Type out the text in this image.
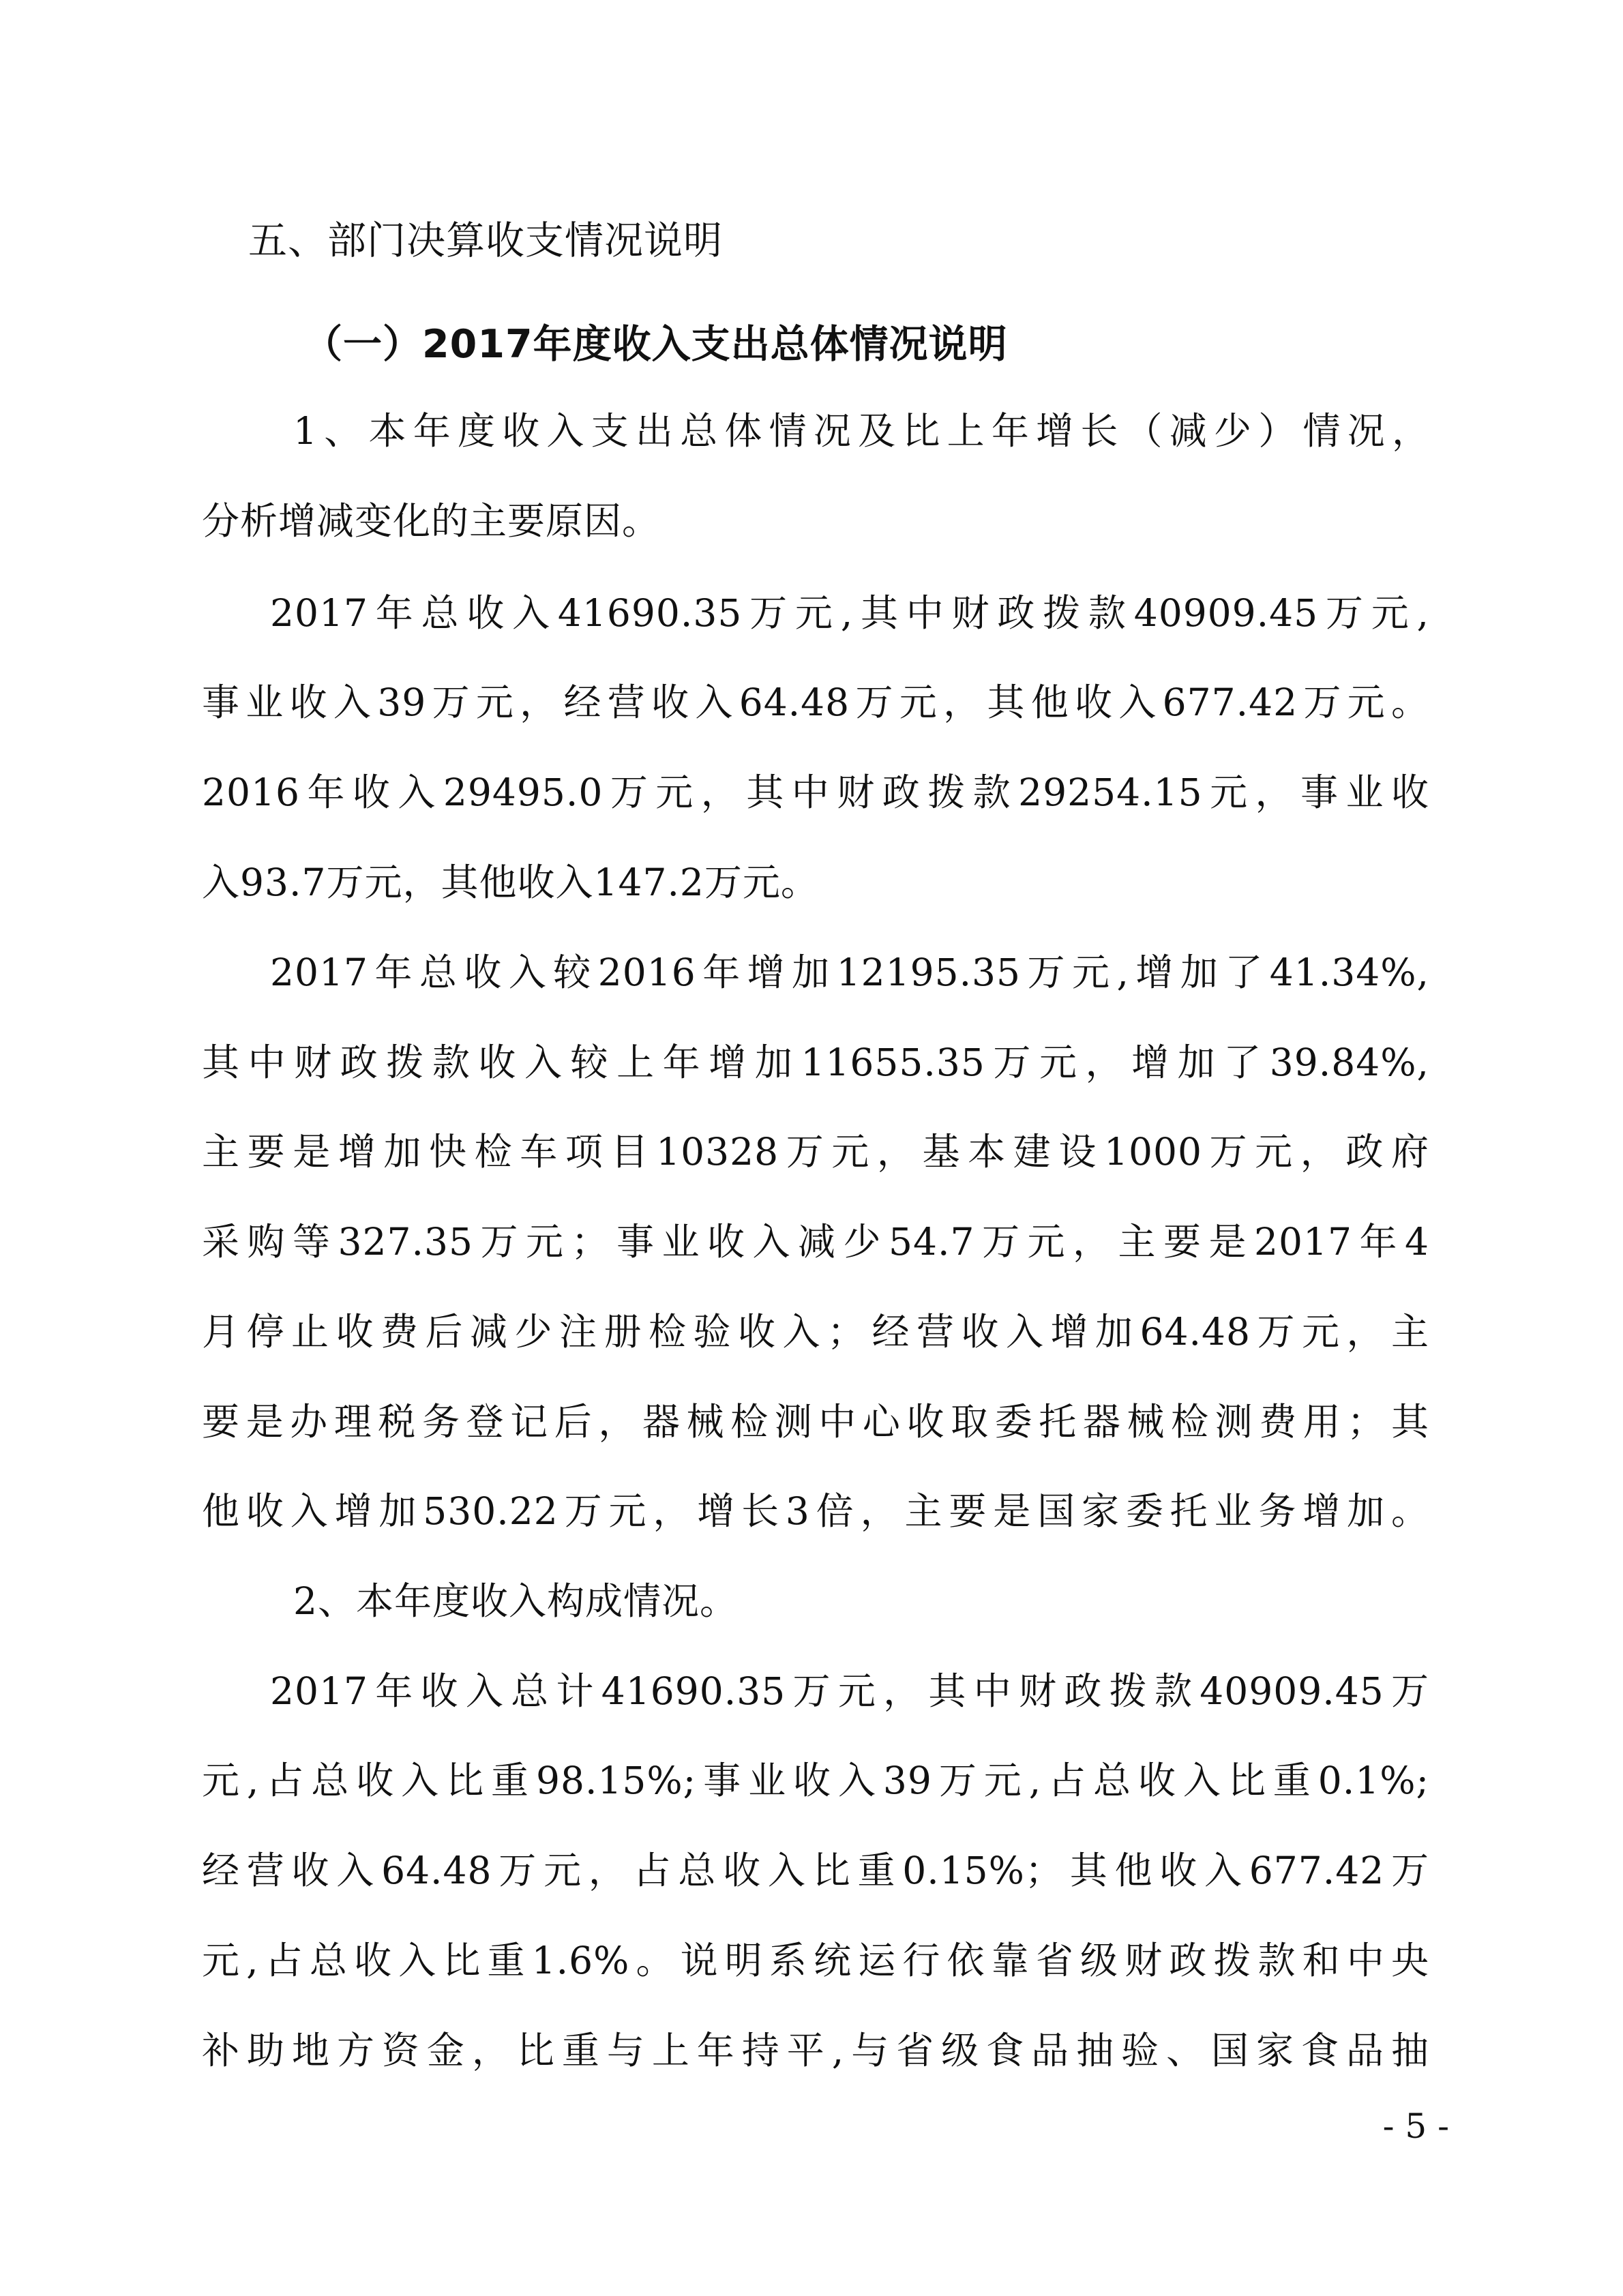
五、部门决算收支情况说明

（一）2017年度收入支出总体情况说明

1、本年度收入支出总体情况及比上年增长（减少）情况，

分析增减变化的主要原因。

2017年总收入41690.35万元,其中财政拨款40909.45万元,

事业收入39万元，经营收入64.48万元，其他收入677.42万元。

2016年收入29495.0万元，其中财政拨款29254.15元，事业收

入93.7万元，其他收入147.2万元。

2017年总收入较2016年增加12195.35万元,增加了41.34%,

其中财政拨款收入较上年增加11655.35万元，增加了39.84%,

主要是增加快检车项目10328万元，基本建设1000万元，政府

采购等327.35万元；事业收入减少54.7万元，主要是2017年4

月停止收费后减少注册检验收入；经营收入增加64.48万元，主

要是办理税务登记后，器械检测中心收取委托器械检测费用；其

他收入增加530.22万元，增长3倍，主要是国家委托业务增加。

2、本年度收入构成情况。

2017年收入总计41690.35万元，其中财政拨款40909.45万

元,占总收入比重98.15%;事业收入39万元,占总收入比重0.1%;

经营收入64.48万元，占总收入比重0.15%；其他收入677.42万

元,占总收入比重1.6%。说明系统运行依靠省级财政拨款和中央

补助地方资金，比重与上年持平,与省级食品抽验、国家食品抽

- 5 -
